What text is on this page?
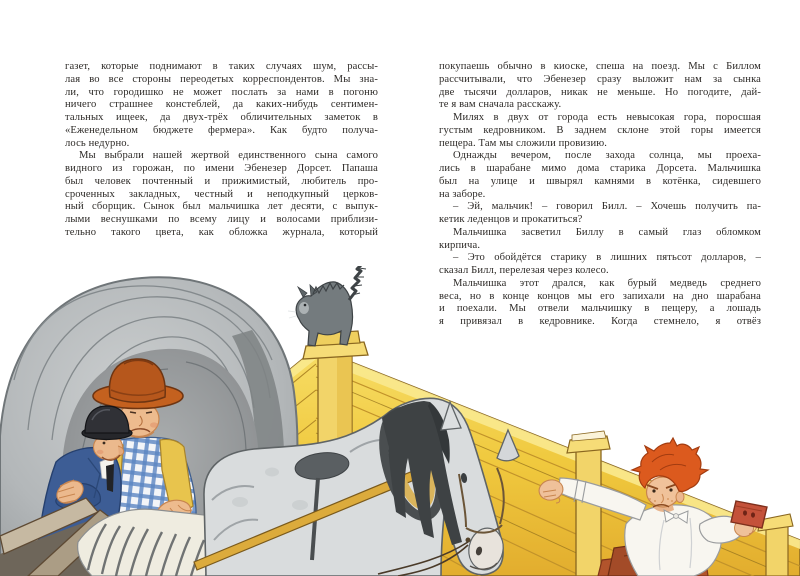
газет, которые поднимают в таких случаях шум, рассы-
лая во все стороны переодетых корреспондентов. Мы зна-
ли, что городишко не может послать за нами в погоню
ничего страшнее констеблей, да каких-нибудь сентимен-
тальных ищеек, да двух-трёх обличительных заметок в
«Еженедельном бюджете фермера». Как будто получа-
лось недурно.
Мы выбрали нашей жертвой единственного сына самого
видного из горожан, по имени Эбенезер Дорсет. Папаша
был человек почтенный и прижимистый, любитель про-
сроченных закладных, честный и неподкупный церков-
ный сборщик. Сынок был мальчишка лет десяти, с выпук-
лыми веснушками по всему лицу и волосами приблизи-
тельно такого цвета, как обложка журнала, который
покупаешь обычно в киоске, спеша на поезд. Мы с Биллом
рассчитывали, что Эбенезер сразу выложит нам за сынка
две тысячи долларов, никак не меньше. Но погодите, дай-
те я вам сначала расскажу.
Милях в двух от города есть невысокая гора, поросшая
густым кедровником. В заднем склоне этой горы имеется
пещера. Там мы сложили провизию.
Однажды вечером, после захода солнца, мы проеха-
лись в шарабане мимо дома старика Дорсета. Мальчишка
был на улице и швырял камнями в котёнка, сидевшего
на заборе.
– Эй, мальчик! – говорил Билл. – Хочешь получить па-
кетик леденцов и прокатиться?
Мальчишка засветил Биллу в самый глаз обломком
кирпича.
– Это обойдётся старику в лишних пятьсот долларов, –
сказал Билл, перелезая через колесо.
Мальчишка этот дрался, как бурый медведь среднего
веса, но в конце концов мы его запихали на дно шарабана
и поехали. Мы отвели мальчишку в пещеру, а лошадь
я привязал в кедровнике. Когда стемнело, я отвёз
